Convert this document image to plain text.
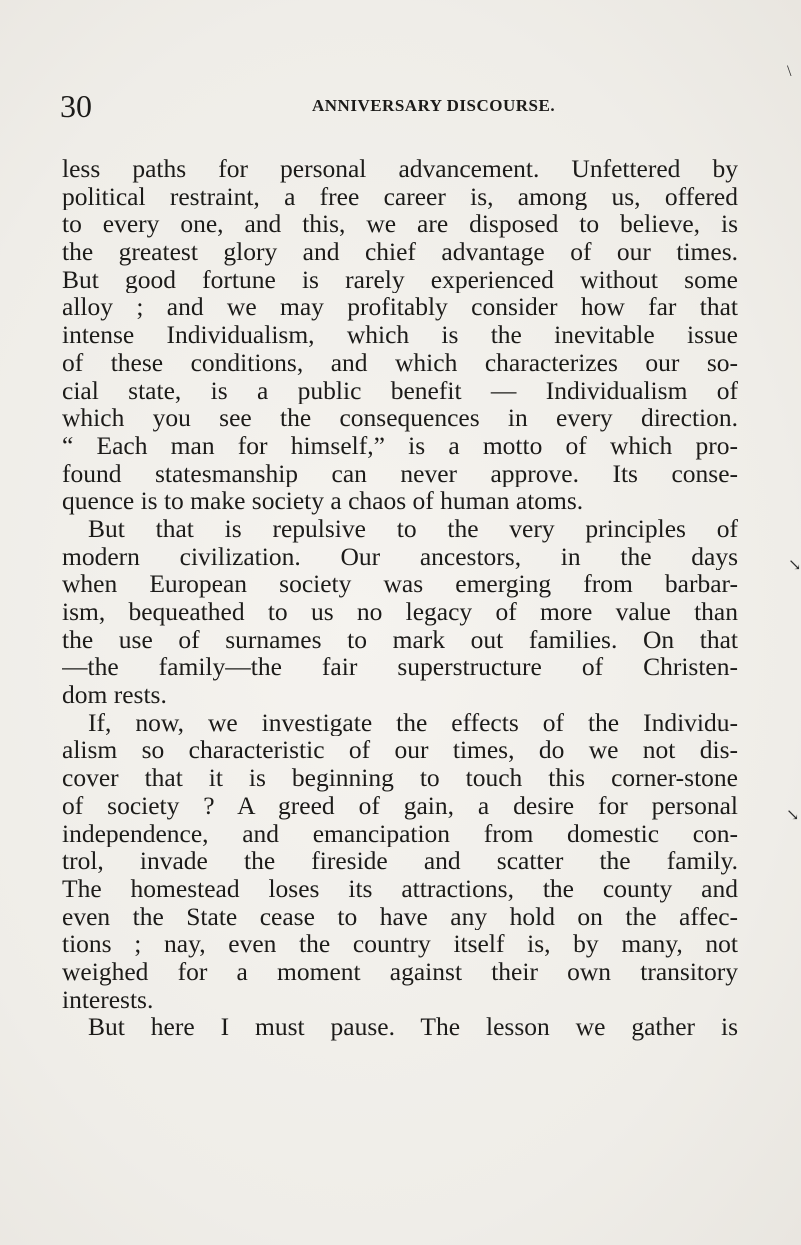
30	ANNIVERSARY DISCOURSE.
less paths for personal advancement. Unfettered by
political restraint, a free career is, among us, offered
to every one, and this, we are disposed to believe, is
the greatest glory and chief advantage of our times.
But good fortune is rarely experienced without some
alloy ; and we may profitably consider how far that
intense Individualism, which is the inevitable issue
of these conditions, and which characterizes our so-
cial state, is a public benefit — Individualism of
which you see the consequences in every direction.
“ Each man for himself,” is a motto of which pro-
found statesmanship can never approve. Its conse-
quence is to make society a chaos of human atoms.
But that is repulsive to the very principles of
modern civilization. Our ancestors, in the days
when European society was emerging from barbar-
ism, bequeathed to us no legacy of more value than
the use of surnames to mark out families. On that
—the family—the fair superstructure of Christen-
dom rests.
If, now, we investigate the effects of the Individu-
alism so characteristic of our times, do we not dis-
cover that it is beginning to touch this corner-stone
of society ? A greed of gain, a desire for personal
independence, and emancipation from domestic con-
trol, invade the fireside and scatter the family.
The homestead loses its attractions, the county and
even the State cease to have any hold on the affec-
tions ; nay, even the country itself is, by many, not
weighed for a moment against their own transitory
interests.
But here I must pause. The lesson we gather is
\
↘
↘
